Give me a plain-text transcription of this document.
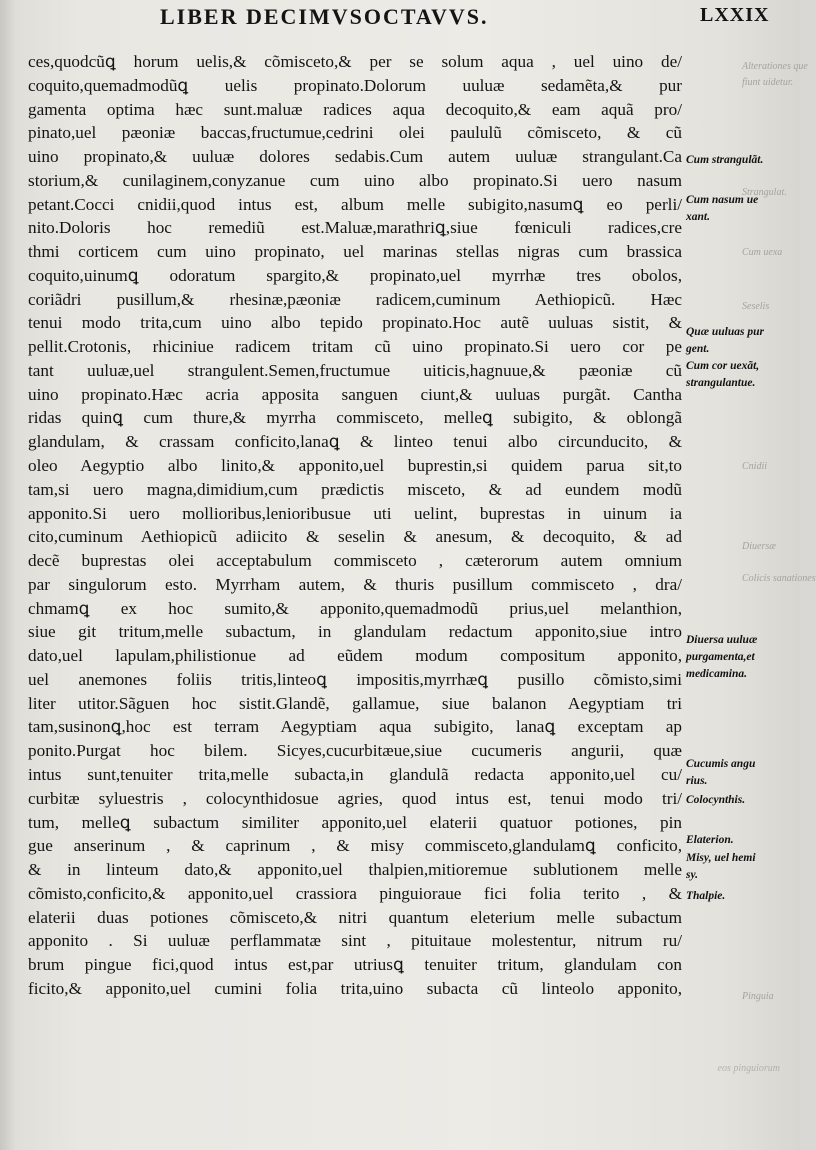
LIBER DECIMVSOCTAVVS.	LXXIX
ces,quodcũꝗ horum uelis,& cõmisceto,& per se solum aqua , uel uino de/
coquito,quemadmodũꝗ uelis propinato.Dolorum uuluæ sedamẽta,& pur
gamenta optima hæc sunt.maluæ radices aqua decoquito,& eam aquã pro/
pinato,uel pæoniæ baccas,fructumue,cedrini olei paululũ cõmisceto, & cũ
uino propinato,& uuluæ dolores sedabis.Cum autem uuluæ strangulant.Ca
storium,& cunilaginem,conyzanue cum uino albo propinato.Si uero nasum
petant.Cocci cnidii,quod intus est, album melle subigito,nasumꝗ eo perli/
nito.Doloris hoc remediũ est.Maluæ,marathriꝗ,siue fœniculi radices,cre
thmi corticem cum uino propinato, uel marinas stellas nigras cum brassica
coquito,uinumꝗ odoratum spargito,& propinato,uel myrrhæ tres obolos,
coriãdri pusillum,& rhesinæ,pæoniæ radicem,cuminum Aethiopicũ. Hæc
tenui modo trita,cum uino albo tepido propinato.Hoc autẽ uuluas sistit, &
pellit.Crotonis, rhiciniue radicem tritam cũ uino propinato.Si uero cor pe
tant uuluæ,uel strangulent.Semen,fructumue uiticis,hagnuue,& pæoniæ cũ
uino propinato.Hæc acria apposita sanguen ciunt,& uuluas purgãt. Cantha
ridas quinꝗ cum thure,& myrrha commisceto, melleꝗ subigito, & oblongã
glandulam, & crassam conficito,lanaꝗ & linteo tenui albo circunducito, &
oleo Aegyptio albo linito,& apponito,uel buprestin,si quidem parua sit,to
tam,si uero magna,dimidium,cum prædictis misceto, & ad eundem modũ
apponito.Si uero mollioribus,lenioribusue uti uelint, buprestas in uinum ia
cito,cuminum Aethiopicũ adiicito & seselin & anesum, & decoquito, & ad
decẽ buprestas olei acceptabulum commisceto , cæterorum autem omnium
par singulorum esto. Myrrham autem, & thuris pusillum commisceto , dra/
chmamꝗ ex hoc sumito,& apponito,quemadmodũ prius,uel melanthion,
siue git tritum,melle subactum, in glandulam redactum apponito,siue intro
dato,uel lapulam,philistionue ad eũdem modum compositum apponito,
uel anemones foliis tritis,linteoꝗ impositis,myrrhæꝗ pusillo cõmisto,simi
liter utitor.Sãguen hoc sistit.Glandẽ, gallamue, siue balanon Aegyptiam tri
tam,susinonꝗ,hoc est terram Aegyptiam aqua subigito, lanaꝗ exceptam ap
ponito.Purgat hoc bilem. Sicyes,cucurbitæue,siue cucumeris angurii, quæ
intus sunt,tenuiter trita,melle subacta,in glandulã redacta apponito,uel cu/
curbitæ syluestris , colocynthidosue agries, quod intus est, tenui modo tri/
tum, melleꝗ subactum similiter apponito,uel elaterii quatuor potiones, pin
gue anserinum , & caprinum , & misy commisceto,glandulamꝗ conficito,
& in linteum dato,& apponito,uel thalpien,mitioremue sublutionem melle
cõmisto,conficito,& apponito,uel crassiora pinguioraue fici folia terito , &
elaterii duas potiones cõmisceto,& nitri quantum eleterium melle subactum
apponito . Si uuluæ perflammatæ sint , pituitaue molestentur, nitrum ru/
brum pingue fici,quod intus est,par utriusꝗ tenuiter tritum, glandulam con
ficito,& apponito,uel cumini folia trita,uino subacta cũ linteolo apponito,
Alterationes que
fiunt uidetur.
Strangulat.
Cum uexa
Seselis
Cnidii
Diuersæ
Colicis sanationes
Pinguia
eos pinguiorum
Cum strangulãt.
Cum nasum ue
xant.
Quæ uuluas pur
gent.
Cum cor uexãt,
strangulantue.
Diuersa uuluæ
purgamenta,et
medicamina.
Cucumis angu
rius.
Colocynthis.
Elaterion.
Misy, uel hemi
sy.
Thalpie.
